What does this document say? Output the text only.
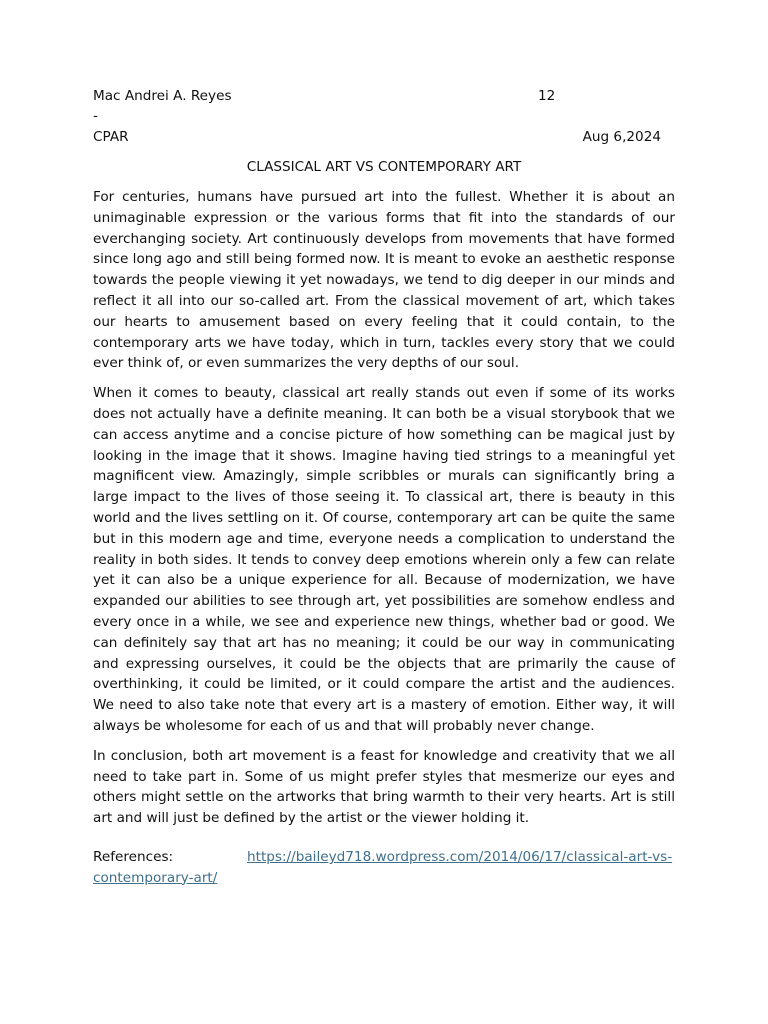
Mac Andrei A. Reyes	12
-
CPAR	Aug 6,2024
CLASSICAL ART VS CONTEMPORARY ART

For centuries, humans have pursued art into the fullest. Whether it is about an unimaginable expression or the various forms that fit into the standards of our everchanging society. Art continuously develops from movements that have formed since long ago and still being formed now. It is meant to evoke an aesthetic response towards the people viewing it yet nowadays, we tend to dig deeper in our minds and reflect it all into our so-called art. From the classical movement of art, which takes our hearts to amusement based on every feeling that it could contain, to the contemporary arts we have today, which in turn, tackles every story that we could ever think of, or even summarizes the very depths of our soul.

When it comes to beauty, classical art really stands out even if some of its works does not actually have a definite meaning. It can both be a visual storybook that we can access anytime and a concise picture of how something can be magical just by looking in the image that it shows. Imagine having tied strings to a meaningful yet magnificent view. Amazingly, simple scribbles or murals can significantly bring a large impact to the lives of those seeing it. To classical art, there is beauty in this world and the lives settling on it. Of course, contemporary art can be quite the same but in this modern age and time, everyone needs a complication to understand the reality in both sides. It tends to convey deep emotions wherein only a few can relate yet it can also be a unique experience for all. Because of modernization, we have expanded our abilities to see through art, yet possibilities are somehow endless and every once in a while, we see and experience new things, whether bad or good. We can definitely say that art has no meaning; it could be our way in communicating and expressing ourselves, it could be the objects that are primarily the cause of overthinking, it could be limited, or it could compare the artist and the audiences. We need to also take note that every art is a mastery of emotion. Either way, it will always be wholesome for each of us and that will probably never change.

In conclusion, both art movement is a feast for knowledge and creativity that we all need to take part in. Some of us might prefer styles that mesmerize our eyes and others might settle on the artworks that bring warmth to their very hearts. Art is still art and will just be defined by the artist or the viewer holding it.

References:	https://baileyd718.wordpress.com/2014/06/17/classical-art-vs-contemporary-art/
